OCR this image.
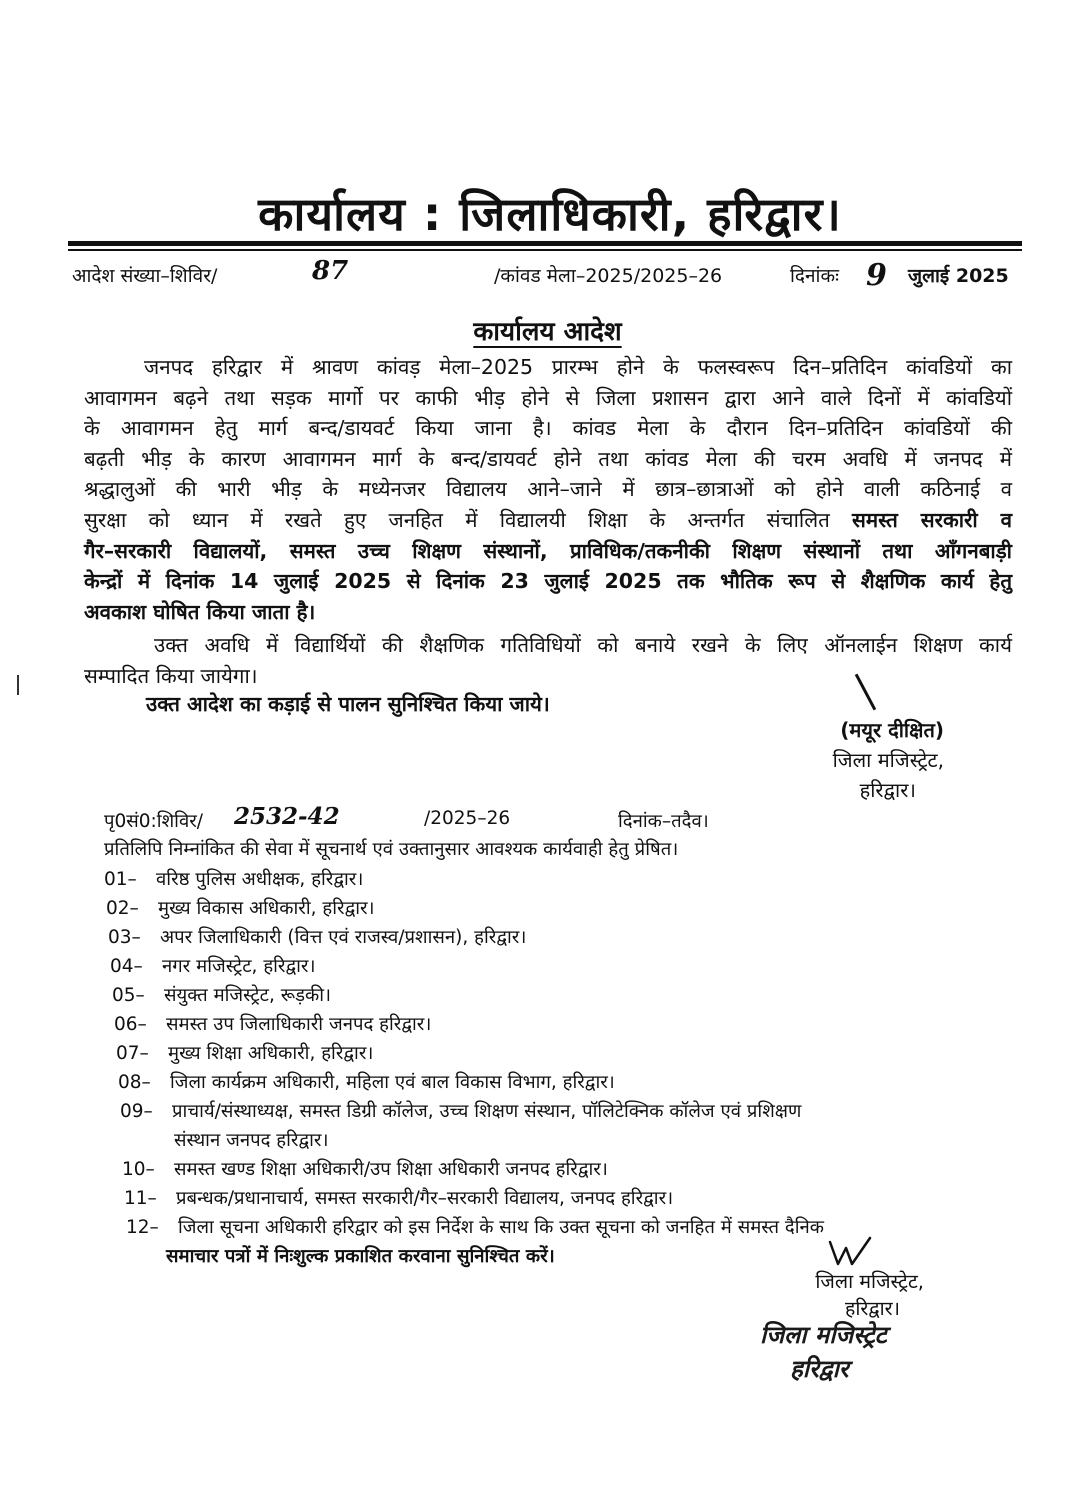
कार्यालय : जिलाधिकारी, हरिद्वार।
आदेश संख्या–शिविर/	87	/कांवड मेला–2025/2025–26	दिनांकः 9 जुलाई 2025
कार्यालय आदेश
जनपद हरिद्वार में श्रावण कांवड़ मेला–2025 प्रारम्भ होने के फलस्वरूप दिन–प्रतिदिन कांवडियों का
आवागमन बढ़ने तथा सड़क मार्गो पर काफी भीड़ होने से जिला प्रशासन द्वारा आने वाले दिनों में कांवडियों
के आवागमन हेतु मार्ग बन्द/डायवर्ट किया जाना है। कांवड मेला के दौरान दिन–प्रतिदिन कांवडियों की
बढ़ती भीड़ के कारण आवागमन मार्ग के बन्द/डायवर्ट होने तथा कांवड मेला की चरम अवधि में जनपद में
श्रद्धालुओं की भारी भीड़ के मध्येनजर विद्यालय आने–जाने में छात्र–छात्राओं को होने वाली कठिनाई व
सुरक्षा को ध्यान में रखते हुए जनहित में विद्यालयी शिक्षा के अन्तर्गत संचालित समस्त सरकारी व
गैर–सरकारी विद्यालयों, समस्त उच्च शिक्षण संस्थानों, प्राविधिक/तकनीकी शिक्षण संस्थानों तथा आँगनबाड़ी
केन्द्रों में दिनांक 14 जुलाई 2025 से दिनांक 23 जुलाई 2025 तक भौतिक रूप से शैक्षणिक कार्य हेतु
अवकाश घोषित किया जाता है।
उक्त अवधि में विद्यार्थियों की शैक्षणिक गतिविधियों को बनाये रखने के लिए ऑनलाईन शिक्षण कार्य
सम्पादित किया जायेगा।
उक्त आदेश का कड़ाई से पालन सुनिश्चित किया जाये।
(मयूर दीक्षित)
जिला मजिस्ट्रेट,
हरिद्वार।
पृ0सं0:शिविर/ 2532-42	/2025–26	दिनांक–तदैव।
प्रतिलिपि निम्नांकित की सेवा में सूचनार्थ एवं उक्तानुसार आवश्यक कार्यवाही हेतु प्रेषित।
01– वरिष्ठ पुलिस अधीक्षक, हरिद्वार।
02– मुख्य विकास अधिकारी, हरिद्वार।
03– अपर जिलाधिकारी (वित्त एवं राजस्व/प्रशासन), हरिद्वार।
04– नगर मजिस्ट्रेट, हरिद्वार।
05– संयुक्त मजिस्ट्रेट, रूड़की।
06– समस्त उप जिलाधिकारी जनपद हरिद्वार।
07– मुख्य शिक्षा अधिकारी, हरिद्वार।
08– जिला कार्यक्रम अधिकारी, महिला एवं बाल विकास विभाग, हरिद्वार।
09– प्राचार्य/संस्थाध्यक्ष, समस्त डिग्री कॉलेज, उच्च शिक्षण संस्थान, पॉलिटेक्निक कॉलेज एवं प्रशिक्षण
संस्थान जनपद हरिद्वार।
10– समस्त खण्ड शिक्षा अधिकारी/उप शिक्षा अधिकारी जनपद हरिद्वार।
11– प्रबन्धक/प्रधानाचार्य, समस्त सरकारी/गैर–सरकारी विद्यालय, जनपद हरिद्वार।
12– जिला सूचना अधिकारी हरिद्वार को इस निर्देश के साथ कि उक्त सूचना को जनहित में समस्त दैनिक
समाचार पत्रों में निःशुल्क प्रकाशित करवाना सुनिश्चित करें।
जिला मजिस्ट्रेट,
हरिद्वार।
जिला मजिस्ट्रेट
हरिद्वार
